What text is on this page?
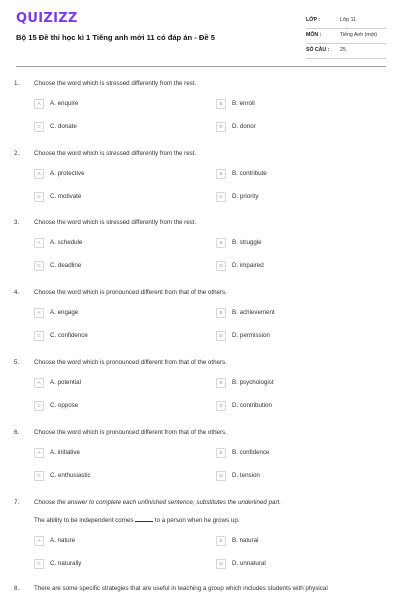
QUIZIZZ
Bộ 15 Đề thi học kì 1 Tiếng anh mới 11 có đáp án - Đề 5
LỚP :	Lớp 11
MÔN :	Tiếng Anh (mới)
SỐ CÂU : 25
1. Choose the word which is stressed differently from the rest.
A	A. enquire	B	B. enroll
C	C. donate	D	D. donor
2. Choose the word which is stressed differently from the rest.
A	A. protective	B	B. contribute
C	C. motivate	D	D. priority
3. Choose the word which is stressed differently from the rest.
A	A. schedule	B	B. struggle
C	C. deadline	D	D. impaired
4. Choose the word which is pronounced different from that of the others.
A	A. engage	B	B. achievement
C	C. confidence	D	D. permission
5. Choose the word which is pronounced different from that of the others.
A	A. potential	B	B. psychologist
C	C. oppose	D	D. contribution
6. Choose the word which is pronounced different from that of the others.
A	A. initiative	B	B. confidence
C	C. enthusiastic	D	D. tension
7. Choose the answer to complete each unfinished sentence, substitutes the underlined part.
The ability to be independent comes	to a person when he grows up.
A	A. nature	B	B. natural
C	C. naturally	D	D. unnatural
8. There are some specific strategies that are useful in teaching a group which includes students with physical
